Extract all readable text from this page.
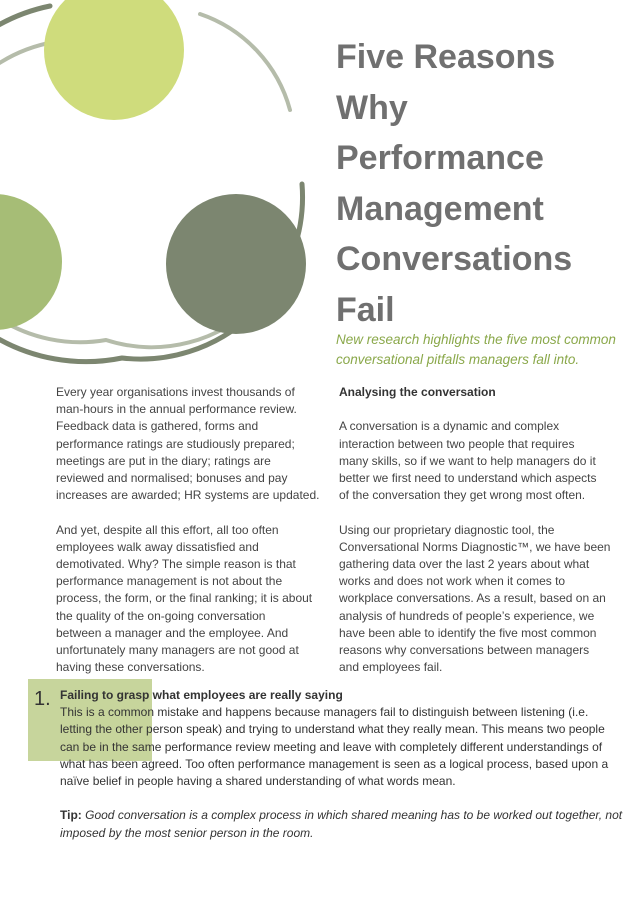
Five Reasons
Why
Performance
Management
Conversations
Fail
New research highlights the five most common
conversational pitfalls managers fall into.

Every year organisations invest thousands of
man-hours in the annual performance review.
Feedback data is gathered, forms and
performance ratings are studiously prepared;
meetings are put in the diary; ratings are
reviewed and normalised; bonuses and pay
increases are awarded; HR systems are updated.

And yet, despite all this effort, all too often
employees walk away dissatisfied and
demotivated. Why? The simple reason is that
performance management is not about the
process, the form, or the final ranking; it is about
the quality of the on-going conversation
between a manager and the employee. And
unfortunately many managers are not good at
having these conversations.

Analysing the conversation

A conversation is a dynamic and complex
interaction between two people that requires
many skills, so if we want to help managers do it
better we first need to understand which aspects
of the conversation they get wrong most often.

Using our proprietary diagnostic tool, the
Conversational Norms Diagnostic™, we have been
gathering data over the last 2 years about what
works and does not work when it comes to
workplace conversations. As a result, based on an
analysis of hundreds of people’s experience, we
have been able to identify the five most common
reasons why conversations between managers
and employees fail.

1. Failing to grasp what employees are really saying
This is a common mistake and happens because managers fail to distinguish between listening (i.e.
letting the other person speak) and trying to understand what they really mean. This means two people
can be in the same performance review meeting and leave with completely different understandings of
what has been agreed. Too often performance management is seen as a logical process, based upon a
naïve belief in people having a shared understanding of what words mean.
Tip: Good conversation is a complex process in which shared meaning has to be worked out together, not
imposed by the most senior person in the room.
